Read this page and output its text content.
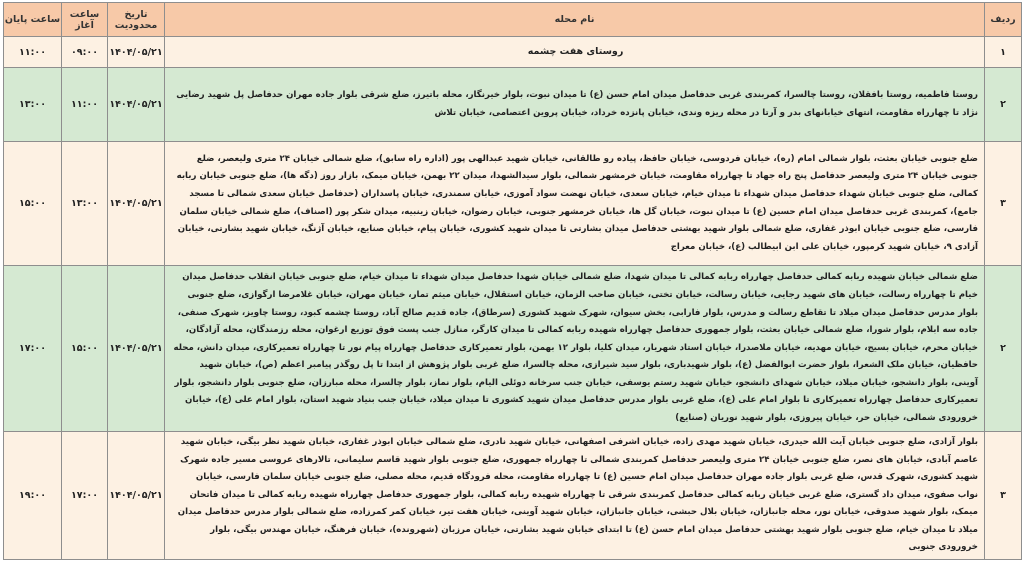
ساعت پایان	ساعت آغاز	تاریخ محدودیت	نام محله	ردیف
۱۱:۰۰	۰۹:۰۰	۱۴۰۴/۰۵/۲۱	روستای هفت چشمه	۱
۱۳:۰۰	۱۱:۰۰	۱۴۰۴/۰۵/۲۱	روستا فاطمیه، روستا بافقلان، روستا چالسرا، کمربندی غربی حدفاصل میدان امام حسن (ع) تا میدان نبوت، بلوار خیرنگار، محله باتیرز، ضلع شرقی بلوار جاده مهران حدفاصل پل شهید رضایی نژاد تا چهارراه مقاومت، انتهای خیابانهای بدر و آرتا در محله ریزه وندی، خیابان پانزده خرداد، خیابان پروین اعتصامی، خیابان تلاش	۲
۱۵:۰۰	۱۳:۰۰	۱۴۰۴/۰۵/۲۱	ضلع جنوبی خیابان بعثت، بلوار شمالی امام (ره)، خیابان فردوسی، خیابان حافظ، پیاده رو طالقانی، خیابان شهید عبدالهی پور (اداره راه سابق)، ضلع شمالی خیابان ۲۴ متری ولیعصر، ضلع جنوبی خیابان ۲۴ متری ولیعصر حدفاصل پنج راه جهاد تا چهارراه مقاومت، خیابان خرمشهر شمالی، بلوار سیدالشهدا، میدان ۲۲ بهمن، خیابان میمک، بازار روز (دگه ها)، ضلع جنوبی خیابان ربابه کمالی، ضلع جنوبی خیابان شهداء حدفاصل میدان شهداء تا میدان خیام، خیابان سعدی، خیابان نهضت سواد آموزی، خیابان سمندری، خیابان پاسداران (حدفاصل خیابان سعدی شمالی تا مسجد جامع)، کمربندی غربی حدفاصل میدان امام حسین (ع) تا میدان نبوت، خیابان گل ها، خیابان خرمشهر جنوبی، خیابان رضوان، خیابان زینبیه، میدان شکر پور (اصناف)، ضلع شمالی خیابان سلمان فارسی، ضلع جنوبی خیابان ابوذر غفاری، ضلع شمالی بلوار شهید بهشتی حدفاصل میدان بشارتی تا میدان شهید کشوری، خیابان پیام، خیابان صنایع، خیابان آژنگ، خیابان شهید بشارتی، خیابان آزادی ۹، خیابان شهید کرمپور، خیابان علی ابن ابیطالب (ع)، خیابان معراج	۳
۱۷:۰۰	۱۵:۰۰	۱۴۰۴/۰۵/۲۱	ضلع شمالی خیابان شهیده ربابه کمالی حدفاصل چهارراه ربابه کمالی تا میدان شهدا، ضلع شمالی خیابان شهدا حدفاصل میدان شهداء تا میدان خیام، ضلع جنوبی خیابان انقلاب حدفاصل میدان خیام تا چهارراه رسالت، خیابان های شهید رجایی، خیابان رسالت، خیابان تختی، خیابان صاحب الزمان، خیابان استقلال، خیابان میثم تمار، خیابان مهران، خیابان غلامرضا ارگوازی، ضلع جنوبی بلوار مدرس حدفاصل میدان میلاد تا تقاطع رسالت و مدرس، بلوار فارابی، بخش سیوان، شهرک شهید کشوری (سرطاق)، جاده قدیم صالح آباد، روستا چشمه کبود، روستا چاویز، شهرک صنفی، جاده سه ابلام، بلوار شورا، ضلع شمالی خیابان بعثت، بلوار جمهوری حدفاصل چهارراه شهیده ربابه کمالی تا میدان کارگر، منازل جنب پست فوق توزیع ارغوان، محله رزمندگان، محله آزادگان، خیابان محرم، خیابان بسیج، خیابان مهدیه، خیابان ملاصدرا، خیابان استاد شهریار، میدان کلیا، بلوار ۱۲ بهمن، بلوار تعمیرکاری حدفاصل چهارراه پیام نور تا چهارراه تعمیرکاری، میدان دانش، محله حافظیان، خیابان ملک الشعرا، بلوار حضرت ابوالفضل (ع)، بلوار شهیدباری، بلوار سید شیرازی، محله چالسرا، ضلع غربی بلوار پژوهش از ابتدا تا پل روگذر پیامبر اعظم (ص)، خیابان شهید آوینی، بلوار دانشجو، خیابان میلاد، خیابان شهدای دانشجو، خیابان شهید رستم یوسفی، خیابان جنب سرخانه دوئلی الیام، بلوار نماز، بلوار چالسرا، محله مبارزان، ضلع جنوبی بلوار دانشجو، بلوار تعمیرکاری حدفاصل چهارراه تعمیرکاری تا بلوار امام علی (ع)، ضلع غربی بلوار مدرس حدفاصل میدان شهید کشوری تا میدان میلاد، خیابان جنب بنیاد شهید استان، بلوار امام علی (ع)، خیابان خرورودی شمالی، خیابان حر، خیابان پیروزی، بلوار شهید نوریان (صنایع)	۲
۱۹:۰۰	۱۷:۰۰	۱۴۰۴/۰۵/۲۱	بلوار آزادی، ضلع جنوبی خیابان آیت الله حیدری، خیابان شهید مهدی زاده، خیابان اشرفی اصفهانی، خیابان شهید نادری، ضلع شمالی خیابان ابوذر غفاری، خیابان شهید نظر بیگی، خیابان شهید عاصم آبادی، خیابان های نصر، ضلع جنوبی خیابان ۲۴ متری ولیعصر حدفاصل کمربندی شمالی تا چهارراه جمهوری، ضلع جنوبی بلوار شهید قاسم سلیمانی، تالارهای عروسی مسیر جاده شهرک شهید کشوری، شهرک قدس، ضلع غربی بلوار جاده مهران حدفاصل میدان امام حسین (ع) تا چهارراه مقاومت، محله فرودگاه قدیم، محله مصلی، ضلع جنوبی خیابان سلمان فارسی، خیابان نواب صفوی، میدان داد گستری، ضلع غربی خیابان ربابه کمالی حدفاصل کمربندی شرقی تا چهارراه شهیده ربابه کمالی، بلوار جمهوری حدفاصل چهارراه شهیده ربابه کمالی تا میدان فاتحان میمک، بلوار شهید صدوقی، خیابان نور، محله جانبازان، خیابان بلال حبشی، خیابان جانبازان، خیابان شهید آوینی، خیابان هفت تیر، خیابان کمر کمرزاده، ضلع شمالی بلوار مدرس حدفاصل میدان میلاد تا میدان خیام، ضلع جنوبی بلوار شهید بهشتی حدفاصل میدان امام حسن (ع) تا ابتدای خیابان شهید بشارتی، خیابان مرزبان (شهرونده)، خیابان فرهنگ، خیابان مهندس بیگی، بلوار خرورودی جنوبی	۳
